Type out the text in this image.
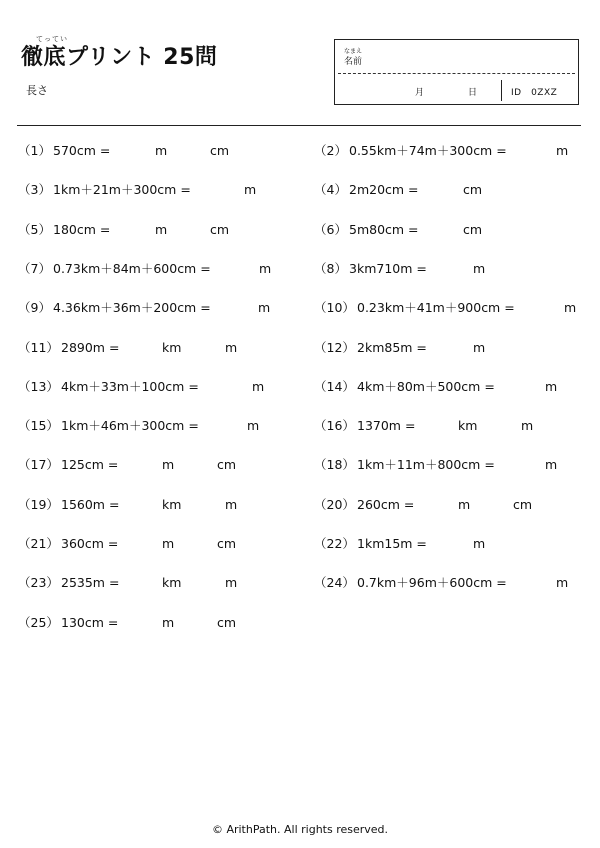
てってい
徹底プリント 25問
長さ
なまえ
名前
月	日	ID　0ZXZ
（1） 570cm =	m	cm	（2） 0.55km＋74m＋300cm =	m
（3） 1km＋21m＋300cm =	m	（4） 2m20cm =	cm
（5） 180cm =	m	cm	（6） 5m80cm =	cm
（7） 0.73km＋84m＋600cm =	m	（8） 3km710m =	m
（9） 4.36km＋36m＋200cm =	m	（10） 0.23km＋41m＋900cm =	m
（11） 2890m =	km	m	（12） 2km85m =	m
（13） 4km＋33m＋100cm =	m	（14） 4km＋80m＋500cm =	m
（15） 1km＋46m＋300cm =	m	（16） 1370m =	km	m
（17） 125cm =	m	cm	（18） 1km＋11m＋800cm =	m
（19） 1560m =	km	m	（20） 260cm =	m	cm
（21） 360cm =	m	cm	（22） 1km15m =	m
（23） 2535m =	km	m	（24） 0.7km＋96m＋600cm =	m
（25） 130cm =	m	cm
© ArithPath. All rights reserved.
